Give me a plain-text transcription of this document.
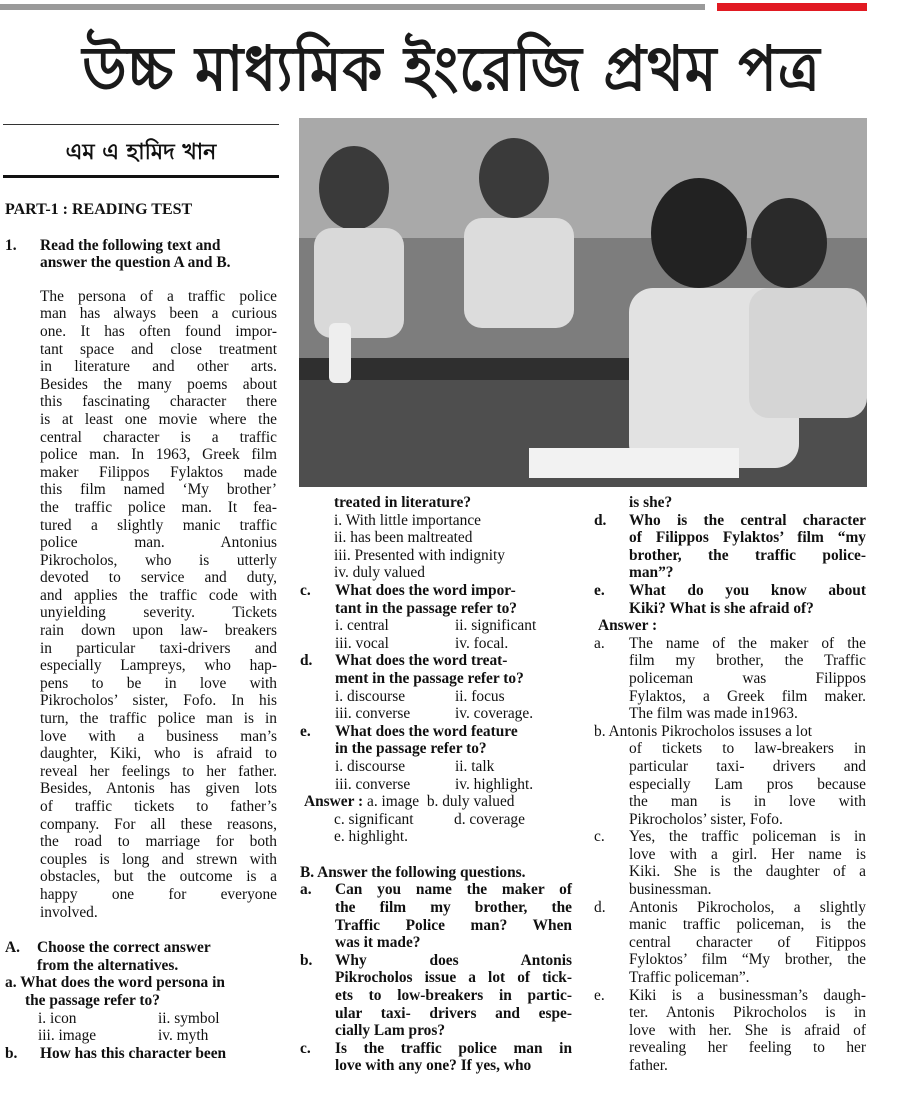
উচ্চ মাধ্যমিক ইংরেজি প্রথম পত্র
এম এ হামিদ খান

PART-1 : READING TEST

1.	Read the following text and

answer the question A and B.

The persona of a traffic police

man has always been a curious

one. It has often found impor-

tant space and close treatment

in literature and other arts.

Besides the many poems about

this fascinating character there

is at least one movie where the

central character is a traffic

police man. In 1963, Greek film

maker Filippos Fylaktos made

this film named ‘My brother’

the traffic police man. It fea-

tured a slightly manic traffic

police man. Antonius

Pikrocholos, who is utterly

devoted to service and duty,

and applies the traffic code with

unyielding severity. Tickets

rain down upon law- breakers

in particular taxi-drivers and

especially Lampreys, who hap-

pens to be in love with

Pikrocholos’ sister, Fofo. In his

turn, the traffic police man is in

love with a business man’s

daughter, Kiki, who is afraid to

reveal her feelings to her father.

Besides, Antonis has given lots

of traffic tickets to father’s

company. For all these reasons,

the road to marriage for both

couples is long and strewn with

obstacles, but the outcome is a

happy one for everyone

involved.

A.	Choose the correct answer

from the alternatives.

a. What does the word persona in

the passage refer to?

i. icon	ii. symbol

iii. image	iv. myth

b.	How has this character been

treated in literature?

i. With little importance

ii. has been maltreated

iii. Presented with indignity

iv. duly valued

c.	What does the word impor-

tant in the passage refer to?

i. central	ii. significant

iii. vocal	iv. focal.

d.	What does the word treat-

ment in the passage refer to?

i. discourse	ii. focus

iii. converse	iv. coverage.

e.	What does the word feature

in the passage refer to?

i. discourse	ii. talk

iii. converse	iv. highlight.

Answer : a. image b. duly valued

c. significant	d. coverage

e. highlight.

B. Answer the following questions.

a. Can you name the maker of

the film my brother, the

Traffic Police man? When

was it made?

b. Why does Antonis

Pikrocholos issue a lot of tick-

ets to low-breakers in partic-

ular taxi- drivers and espe-

cially Lam pros?

c. Is the traffic police man in

love with any one? If yes, who

is she?

d. Who is the central character

of Filippos Fylaktos’ film “my

brother, the traffic police-

man”?

e. What do you know about

Kiki? What is she afraid of?

Answer :

a. The name of the maker of the

film my brother, the Traffic

policeman was Filippos

Fylaktos, a Greek film maker.

The film was made in1963.

b. Antonis Pikrocholos issuses a lot

of tickets to law-breakers in

particular taxi- drivers and

especially Lam pros because

the man is in love with

Pikrocholos’ sister, Fofo.

c. Yes, the traffic policeman is in

love with a girl. Her name is

Kiki. She is the daughter of a

businessman.

d. Antonis Pikrocholos, a slightly

manic traffic policeman, is the

central character of Fitippos

Fyloktos’ film “My brother, the

Traffic policeman”.

e. Kiki is a businessman’s daugh-

ter. Antonis Pikrocholos is in

love with her. She is afraid of

revealing her feeling to her

father.
